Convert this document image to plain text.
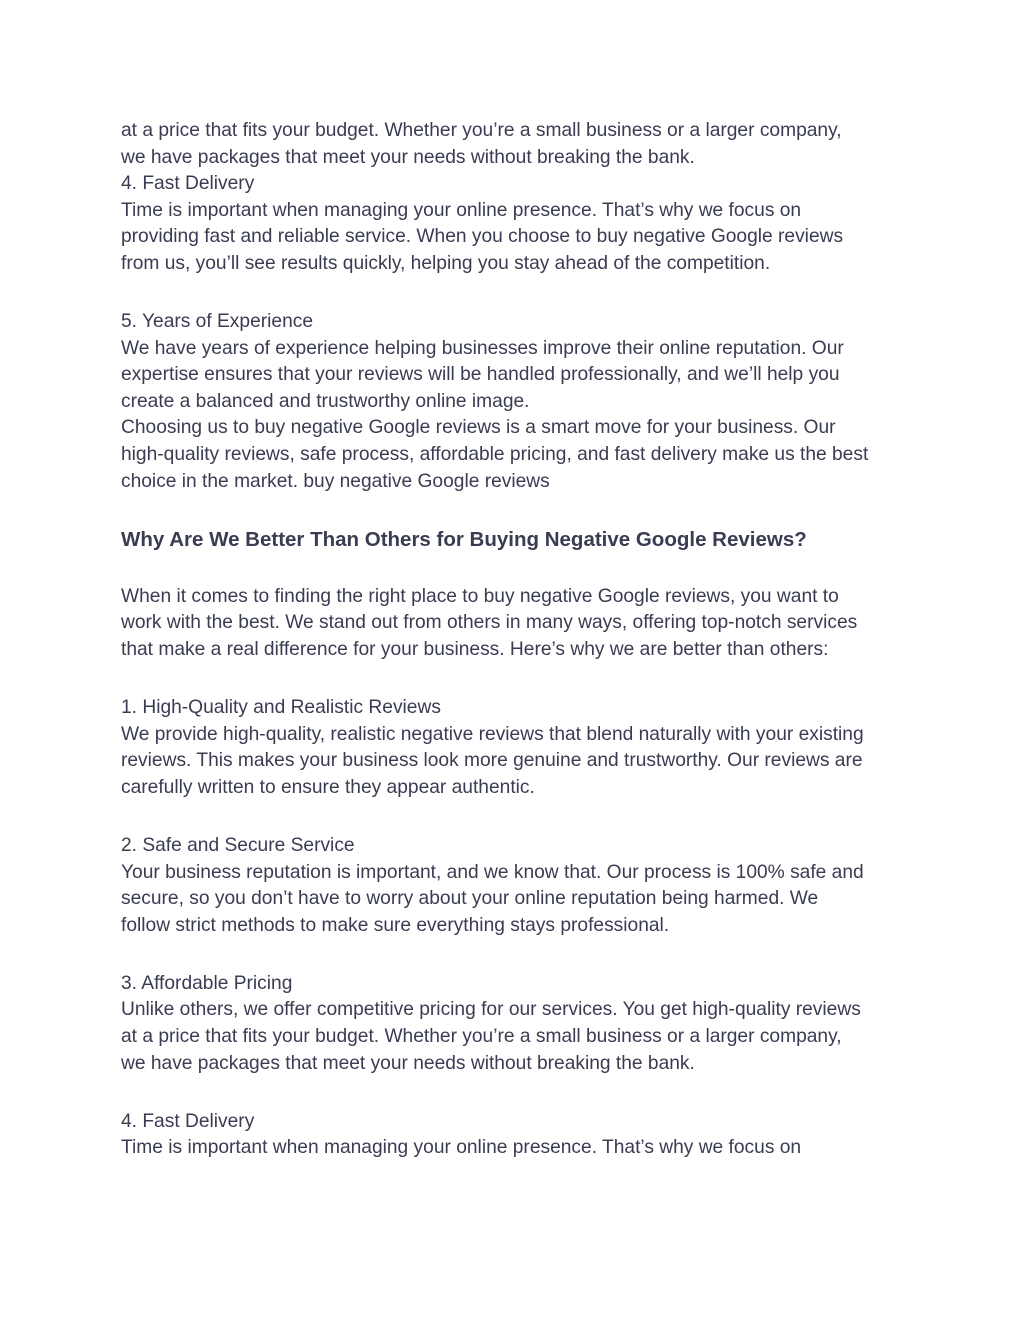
at a price that fits your budget. Whether you’re a small business or a larger company,

we have packages that meet your needs without breaking the bank.

4. Fast Delivery

Time is important when managing your online presence. That’s why we focus on

providing fast and reliable service. When you choose to buy negative Google reviews

from us, you’ll see results quickly, helping you stay ahead of the competition.

5. Years of Experience

We have years of experience helping businesses improve their online reputation. Our

expertise ensures that your reviews will be handled professionally, and we’ll help you

create a balanced and trustworthy online image.

Choosing us to buy negative Google reviews is a smart move for your business. Our

high-quality reviews, safe process, affordable pricing, and fast delivery make us the best

choice in the market. buy negative Google reviews

Why Are We Better Than Others for Buying Negative Google Reviews?

When it comes to finding the right place to buy negative Google reviews, you want to

work with the best. We stand out from others in many ways, offering top-notch services

that make a real difference for your business. Here’s why we are better than others:

1. High-Quality and Realistic Reviews

We provide high-quality, realistic negative reviews that blend naturally with your existing

reviews. This makes your business look more genuine and trustworthy. Our reviews are

carefully written to ensure they appear authentic.

2. Safe and Secure Service

Your business reputation is important, and we know that. Our process is 100% safe and

secure, so you don’t have to worry about your online reputation being harmed. We

follow strict methods to make sure everything stays professional.

3. Affordable Pricing

Unlike others, we offer competitive pricing for our services. You get high-quality reviews

at a price that fits your budget. Whether you’re a small business or a larger company,

we have packages that meet your needs without breaking the bank.

4. Fast Delivery

Time is important when managing your online presence. That’s why we focus on
